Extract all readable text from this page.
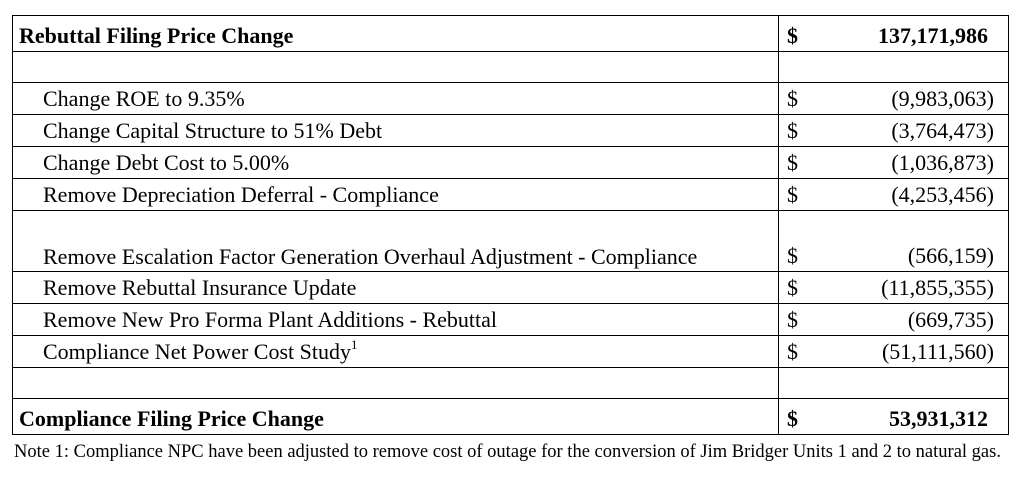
Rebuttal Filing Price Change	$ 137,171,986

Change ROE to 9.35%	$ (9,983,063)

Change Capital Structure to 51% Debt	$ (3,764,473)

Change Debt Cost to 5.00%	$ (1,036,873)

Remove Depreciation Deferral - Compliance	$ (4,253,456)

Remove Escalation Factor Generation Overhaul Adjustment - Compliance	$ (566,159)

Remove Rebuttal Insurance Update	$ (11,855,355)

Remove New Pro Forma Plant Additions - Rebuttal	$ (669,735)

Compliance Net Power Cost Study$^1$	$ (51,111,560)

Compliance Filing Price Change	$ 53,931,312

Note 1: Compliance NPC have been adjusted to remove cost of outage for the conversion of Jim Bridger Units 1 and 2 to natural gas.
